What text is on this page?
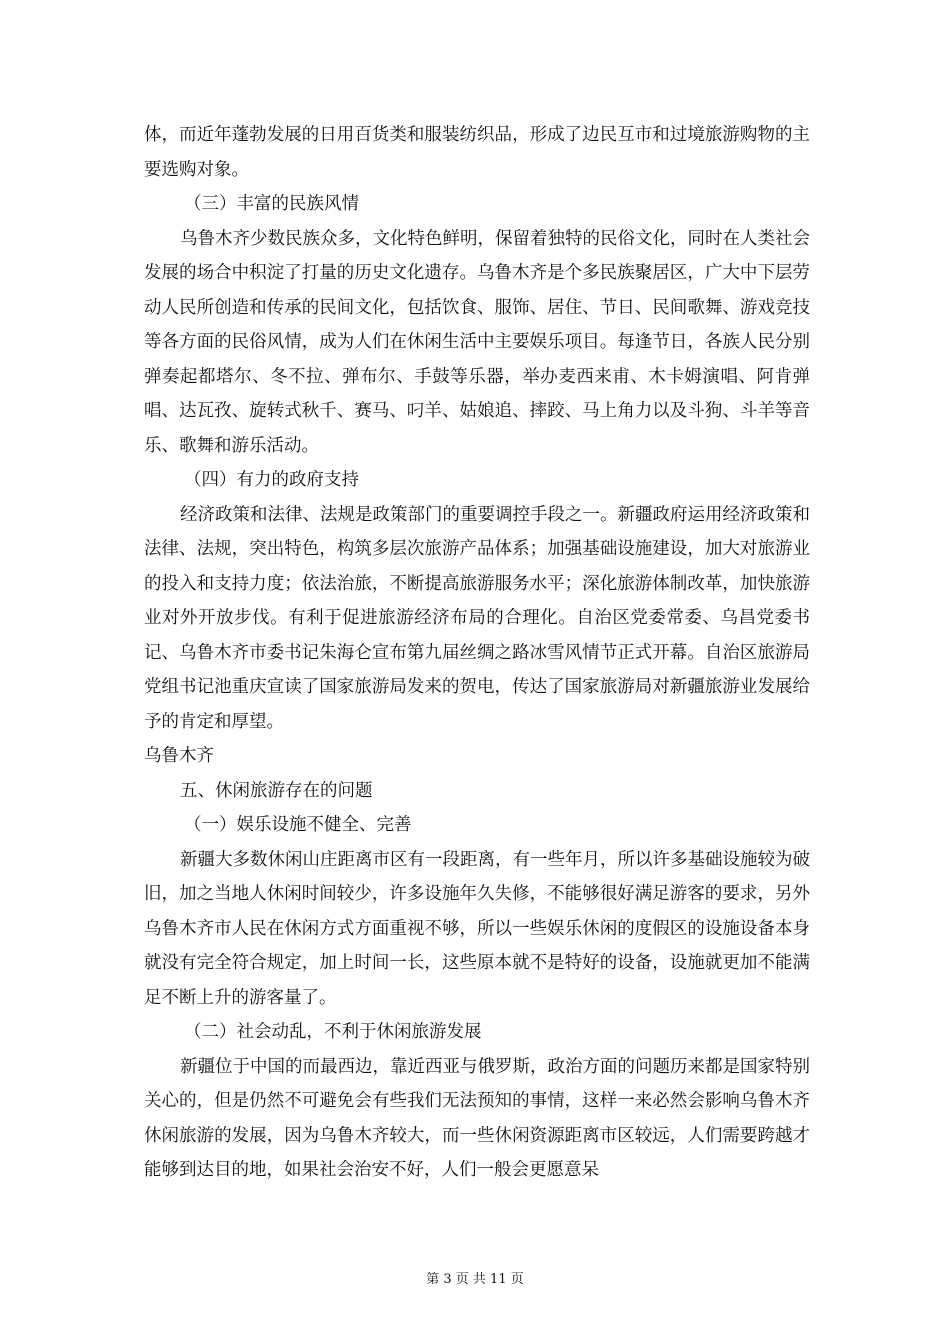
体，而近年蓬勃发展的日用百货类和服装纺织品，形成了边民互市和过境旅游购物的主要选购对象。

（三）丰富的民族风情

乌鲁木齐少数民族众多，文化特色鲜明，保留着独特的民俗文化，同时在人类社会发展的场合中积淀了打量的历史文化遗存。乌鲁木齐是个多民族聚居区，广大中下层劳动人民所创造和传承的民间文化，包括饮食、服饰、居住、节日、民间歌舞、游戏竞技等各方面的民俗风情，成为人们在休闲生活中主要娱乐项目。每逢节日，各族人民分别弹奏起都塔尔、冬不拉、弹布尔、手鼓等乐器，举办麦西来甫、木卡姆演唱、阿肯弹唱、达瓦孜、旋转式秋千、赛马、叼羊、姑娘追、摔跤、马上角力以及斗狗、斗羊等音乐、歌舞和游乐活动。

（四）有力的政府支持

经济政策和法律、法规是政策部门的重要调控手段之一。新疆政府运用经济政策和法律、法规，突出特色，构筑多层次旅游产品体系；加强基础设施建设，加大对旅游业的投入和支持力度；依法治旅，不断提高旅游服务水平；深化旅游体制改革，加快旅游业对外开放步伐。有利于促进旅游经济布局的合理化。自治区党委常委、乌昌党委书记、乌鲁木齐市委书记朱海仑宣布第九届丝绸之路冰雪风情节正式开幕。自治区旅游局党组书记池重庆宣读了国家旅游局发来的贺电，传达了国家旅游局对新疆旅游业发展给予的肯定和厚望。

乌鲁木齐

五、休闲旅游存在的问题

（一）娱乐设施不健全、完善

新疆大多数休闲山庄距离市区有一段距离，有一些年月，所以许多基础设施较为破旧，加之当地人休闲时间较少，许多设施年久失修，不能够很好满足游客的要求，另外乌鲁木齐市人民在休闲方式方面重视不够，所以一些娱乐休闲的度假区的设施设备本身就没有完全符合规定，加上时间一长，这些原本就不是特好的设备，设施就更加不能满足不断上升的游客量了。

（二）社会动乱，不利于休闲旅游发展

新疆位于中国的而最西边，靠近西亚与俄罗斯，政治方面的问题历来都是国家特别关心的，但是仍然不可避免会有些我们无法预知的事情，这样一来必然会影响乌鲁木齐休闲旅游的发展，因为乌鲁木齐较大，而一些休闲资源距离市区较远，人们需要跨越才能够到达目的地，如果社会治安不好，人们一般会更愿意呆

第 3 页 共 11 页
